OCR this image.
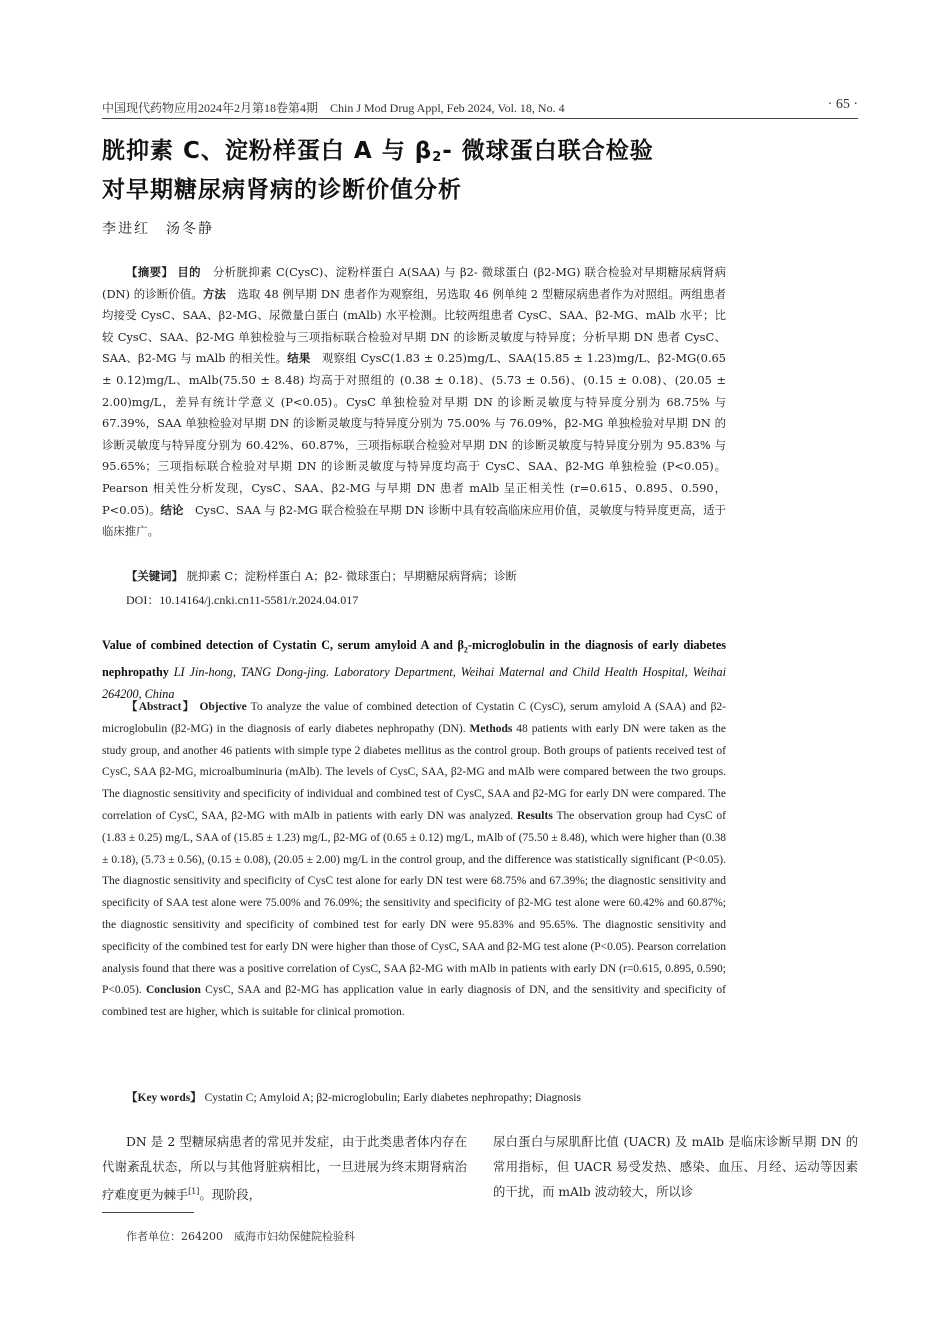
中国现代药物应用2024年2月第18卷第4期　Chin J Mod Drug Appl, Feb 2024, Vol. 18, No. 4	· 65 ·
胱抑素 C、淀粉样蛋白 A 与 $\beta_2-$ 微球蛋白联合检验
对早期糖尿病肾病的诊断价值分析
李进红 汤冬静
【摘要】 目的　 分析胱抑素 C(CysC)、淀粉样蛋白 A(SAA) 与 β2- 微球蛋白 (β2-MG) 联合检验对早期糖尿病肾病 (DN) 的诊断价值。方法　 选取 48 例早期 DN 患者作为观察组，另选取 46 例单纯 2 型糖尿病患者作为对照组。两组患者均接受 CysC、SAA、β2-MG、尿微量白蛋白 (mAlb) 水平检测。比较两组患者 CysC、SAA、β2-MG、mAlb 水平；比较 CysC、SAA、β2-MG 单独检验与三项指标联合检验对早期 DN 的诊断灵敏度与特异度；分析早期 DN 患者 CysC、SAA、β2-MG 与 mAlb 的相关性。结果　 观察组 CysC(1.83 ± 0.25)mg/L、SAA(15.85 ± 1.23)mg/L、β2-MG(0.65 ± 0.12)mg/L、mAlb(75.50 ± 8.48) 均高于对照组的 (0.38 ± 0.18)、(5.73 ± 0.56)、(0.15 ± 0.08)、(20.05 ± 2.00)mg/L，差异有统计学意义 (P<0.05)。CysC 单独检验对早期 DN 的诊断灵敏度与特异度分别为 68.75% 与 67.39%，SAA 单独检验对早期 DN 的诊断灵敏度与特异度分别为 75.00% 与 76.09%，β2-MG 单独检验对早期 DN 的诊断灵敏度与特异度分别为 60.42%、60.87%，三项指标联合检验对早期 DN 的诊断灵敏度与特异度分别为 95.83% 与 95.65%；三项指标联合检验对早期 DN 的诊断灵敏度与特异度均高于 CysC、SAA、β2-MG 单独检验 (P<0.05)。Pearson 相关性分析发现，CysC、SAA、β2-MG 与早期 DN 患者 mAlb 呈正相关性 (r=0.615、0.895、0.590，P<0.05)。结论　 CysC、SAA 与 β2-MG 联合检验在早期 DN 诊断中具有较高临床应用价值，灵敏度与特异度更高，适于临床推广。
【关键词】 胱抑素 C；淀粉样蛋白 A；β2- 微球蛋白；早期糖尿病肾病；诊断
DOI：10.14164/j.cnki.cn11-5581/r.2024.04.017
Value of combined detection of Cystatin C, serum amyloid A and $\beta_2$-microglobulin in the diagnosis of early diabetes nephropathy LI Jin-hong, TANG Dong-jing. Laboratory Department, Weihai Maternal and Child Health Hospital, Weihai 264200, China
【Abstract】 Objective To analyze the value of combined detection of Cystatin C (CysC), serum amyloid A (SAA) and β2-microglobulin (β2-MG) in the diagnosis of early diabetes nephropathy (DN). Methods 48 patients with early DN were taken as the study group, and another 46 patients with simple type 2 diabetes mellitus as the control group. Both groups of patients received test of CysC, SAA β2-MG, microalbuminuria (mAlb). The levels of CysC, SAA, β2-MG and mAlb were compared between the two groups. The diagnostic sensitivity and specificity of individual and combined test of CysC, SAA and β2-MG for early DN were compared. The correlation of CysC, SAA, β2-MG with mAlb in patients with early DN was analyzed. Results The observation group had CysC of (1.83 ± 0.25) mg/L, SAA of (15.85 ± 1.23) mg/L, β2-MG of (0.65 ± 0.12) mg/L, mAlb of (75.50 ± 8.48), which were higher than (0.38 ± 0.18), (5.73 ± 0.56), (0.15 ± 0.08), (20.05 ± 2.00) mg/L in the control group, and the difference was statistically significant (P<0.05). The diagnostic sensitivity and specificity of CysC test alone for early DN test were 68.75% and 67.39%; the diagnostic sensitivity and specificity of SAA test alone were 75.00% and 76.09%; the sensitivity and specificity of β2-MG test alone were 60.42% and 60.87%; the diagnostic sensitivity and specificity of combined test for early DN were 95.83% and 95.65%. The diagnostic sensitivity and specificity of the combined test for early DN were higher than those of CysC, SAA and β2-MG test alone (P<0.05). Pearson correlation analysis found that there was a positive correlation of CysC, SAA β2-MG with mAlb in patients with early DN (r=0.615, 0.895, 0.590; P<0.05). Conclusion CysC, SAA and β2-MG has application value in early diagnosis of DN, and the sensitivity and specificity of combined test are higher, which is suitable for clinical promotion.
【Key words】 Cystatin C; Amyloid A; β2-microglobulin; Early diabetes nephropathy; Diagnosis
DN 是 2 型糖尿病患者的常见并发症，由于此类患者体内存在代谢紊乱状态，所以与其他肾脏病相比，一旦进展为终末期肾病治疗难度更为棘手[1]。现阶段，
尿白蛋白与尿肌酐比值 (UACR) 及 mAlb 是临床诊断早期 DN 的常用指标，但 UACR 易受发热、感染、血压、月经、运动等因素的干扰，而 mAlb 波动较大，所以诊
作者单位：264200　威海市妇幼保健院检验科
